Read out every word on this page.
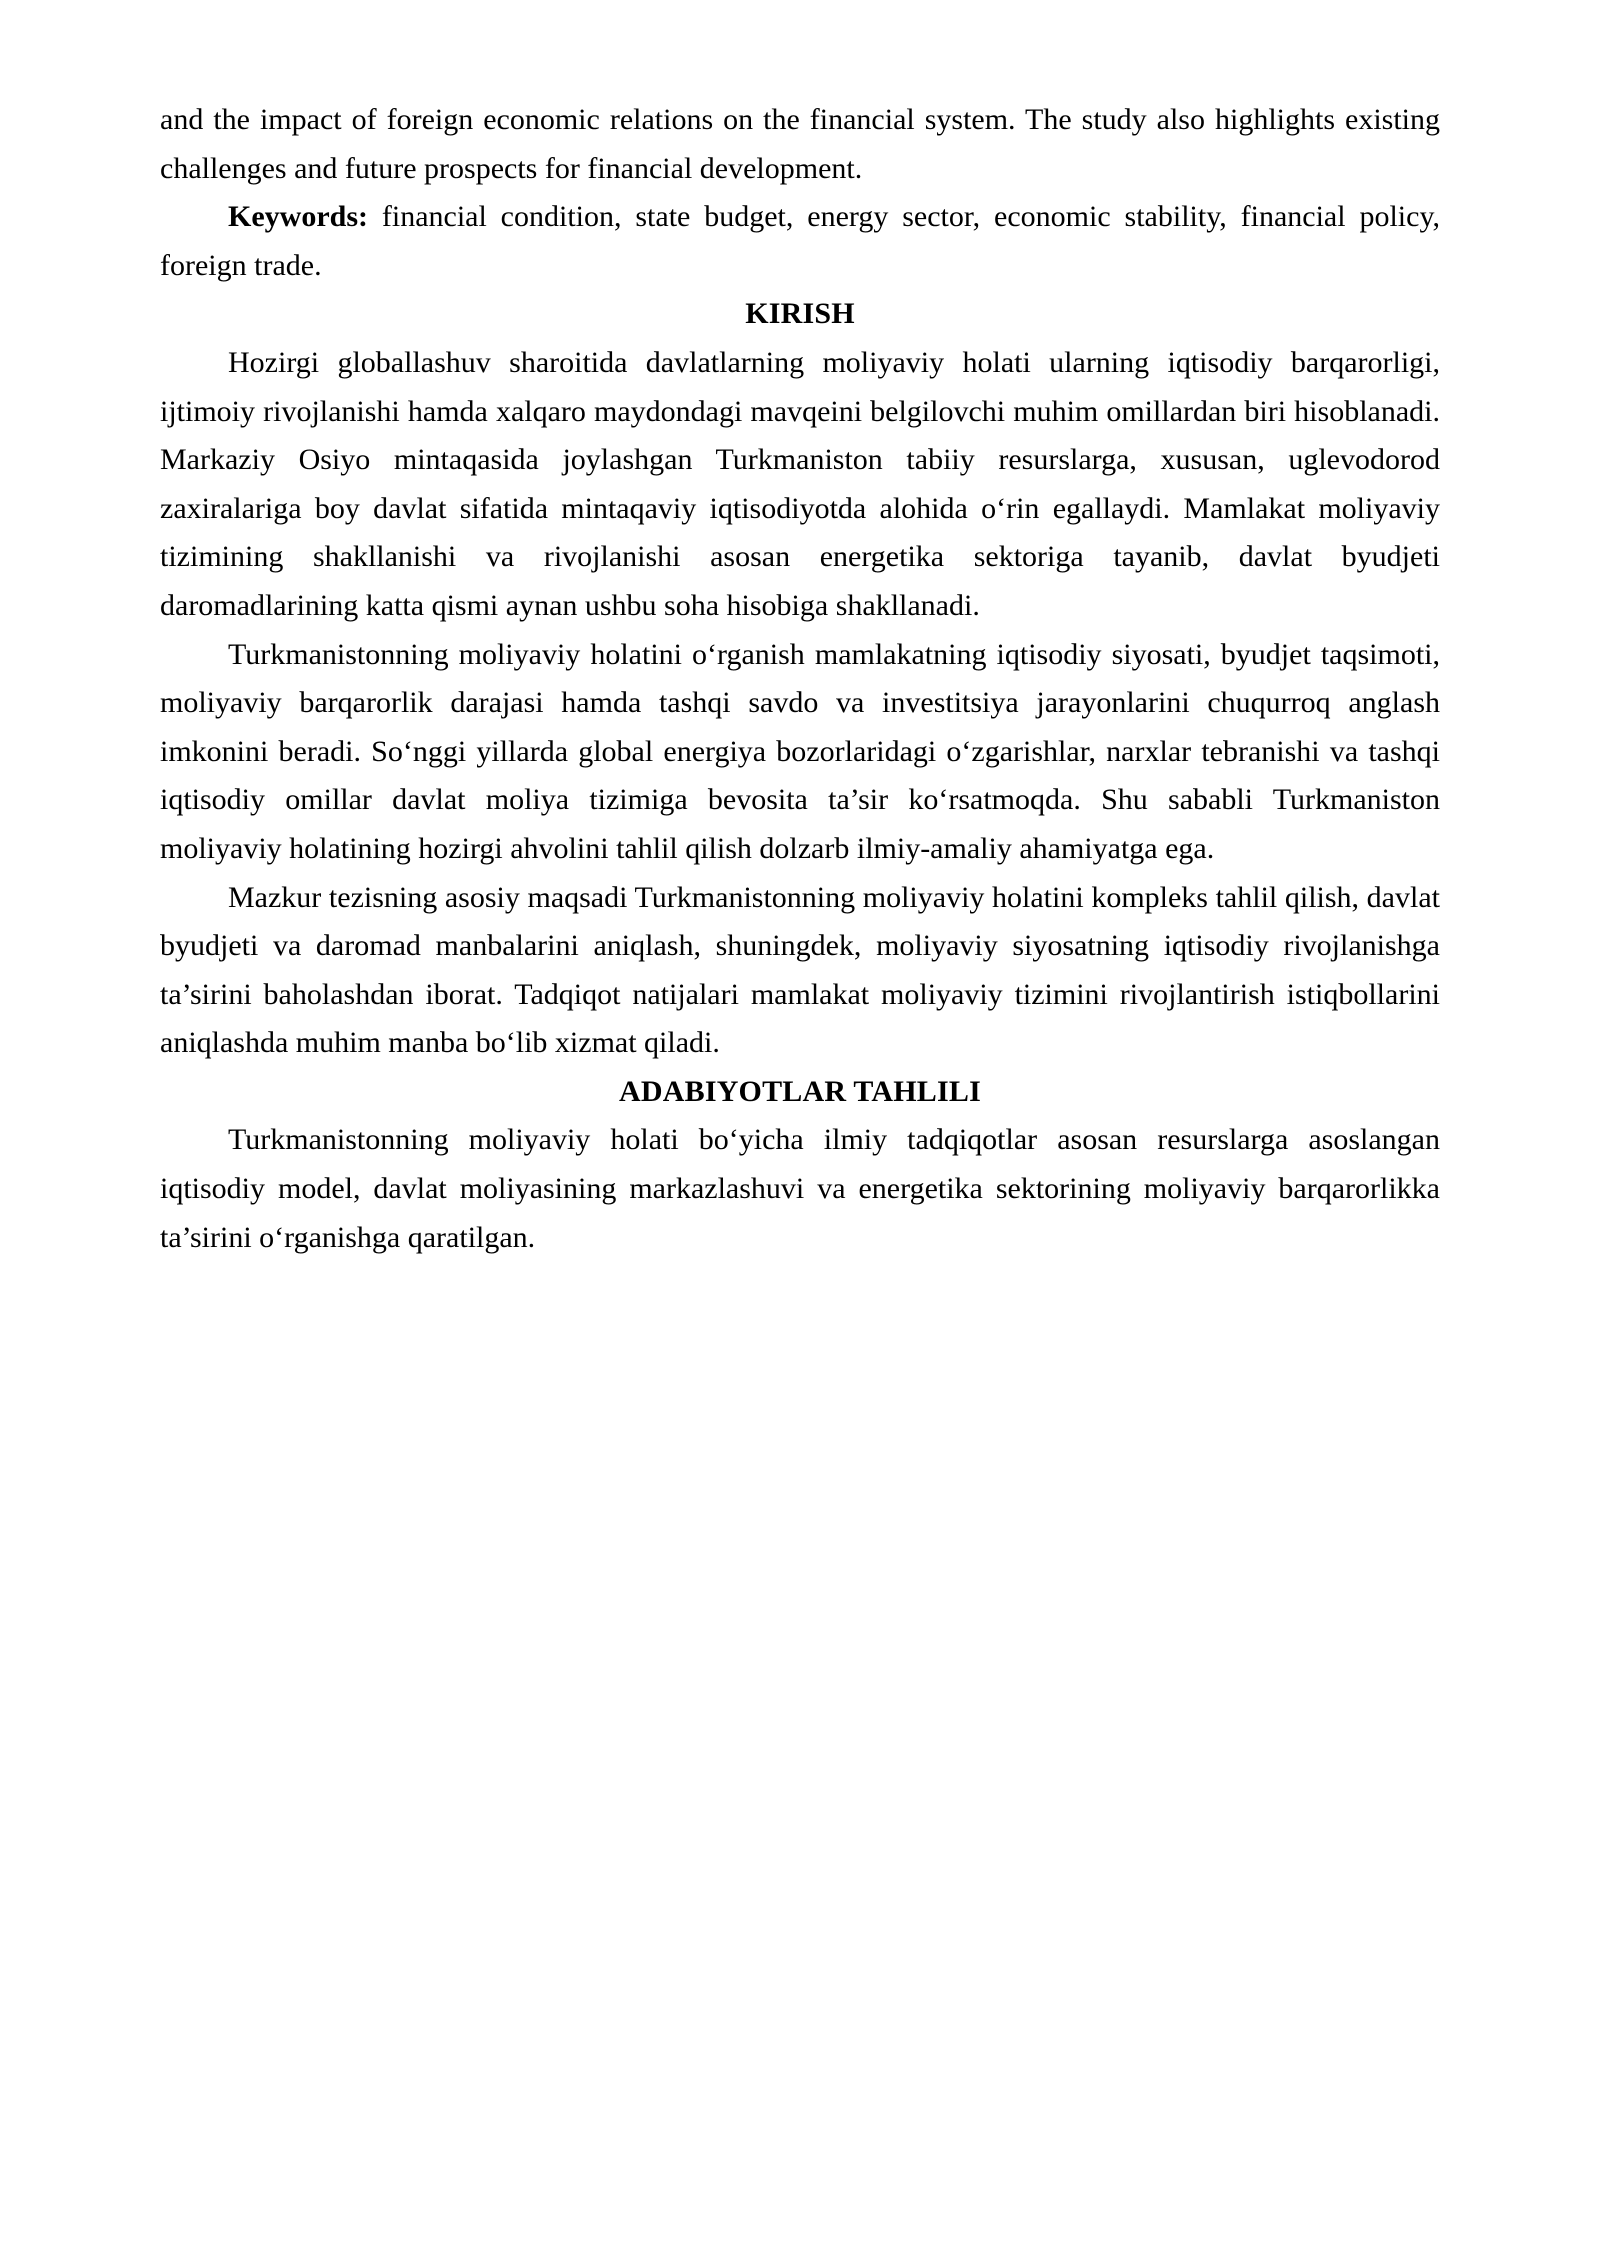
and the impact of foreign economic relations on the financial system. The study also highlights existing challenges and future prospects for financial development.

Keywords: financial condition, state budget, energy sector, economic stability, financial policy, foreign trade.

KIRISH

Hozirgi globallashuv sharoitida davlatlarning moliyaviy holati ularning iqtisodiy barqarorligi, ijtimoiy rivojlanishi hamda xalqaro maydondagi mavqeini belgilovchi muhim omillardan biri hisoblanadi. Markaziy Osiyo mintaqasida joylashgan Turkmaniston tabiiy resurslarga, xususan, uglevodorod zaxiralariga boy davlat sifatida mintaqaviy iqtisodiyotda alohida o‘rin egallaydi. Mamlakat moliyaviy tizimining shakllanishi va rivojlanishi asosan energetika sektoriga tayanib, davlat byudjeti daromadlarining katta qismi aynan ushbu soha hisobiga shakllanadi.

Turkmanistonning moliyaviy holatini o‘rganish mamlakatning iqtisodiy siyosati, byudjet taqsimoti, moliyaviy barqarorlik darajasi hamda tashqi savdo va investitsiya jarayonlarini chuqurroq anglash imkonini beradi. So‘nggi yillarda global energiya bozorlaridagi o‘zgarishlar, narxlar tebranishi va tashqi iqtisodiy omillar davlat moliya tizimiga bevosita ta’sir ko‘rsatmoqda. Shu sababli Turkmaniston moliyaviy holatining hozirgi ahvolini tahlil qilish dolzarb ilmiy-amaliy ahamiyatga ega.

Mazkur tezisning asosiy maqsadi Turkmanistonning moliyaviy holatini kompleks tahlil qilish, davlat byudjeti va daromad manbalarini aniqlash, shuningdek, moliyaviy siyosatning iqtisodiy rivojlanishga ta’sirini baholashdan iborat. Tadqiqot natijalari mamlakat moliyaviy tizimini rivojlantirish istiqbollarini aniqlashda muhim manba bo‘lib xizmat qiladi.

ADABIYOTLAR TAHLILI

Turkmanistonning moliyaviy holati bo‘yicha ilmiy tadqiqotlar asosan resurslarga asoslangan iqtisodiy model, davlat moliyasining markazlashuvi va energetika sektorining moliyaviy barqarorlikka ta’sirini o‘rganishga qaratilgan.
